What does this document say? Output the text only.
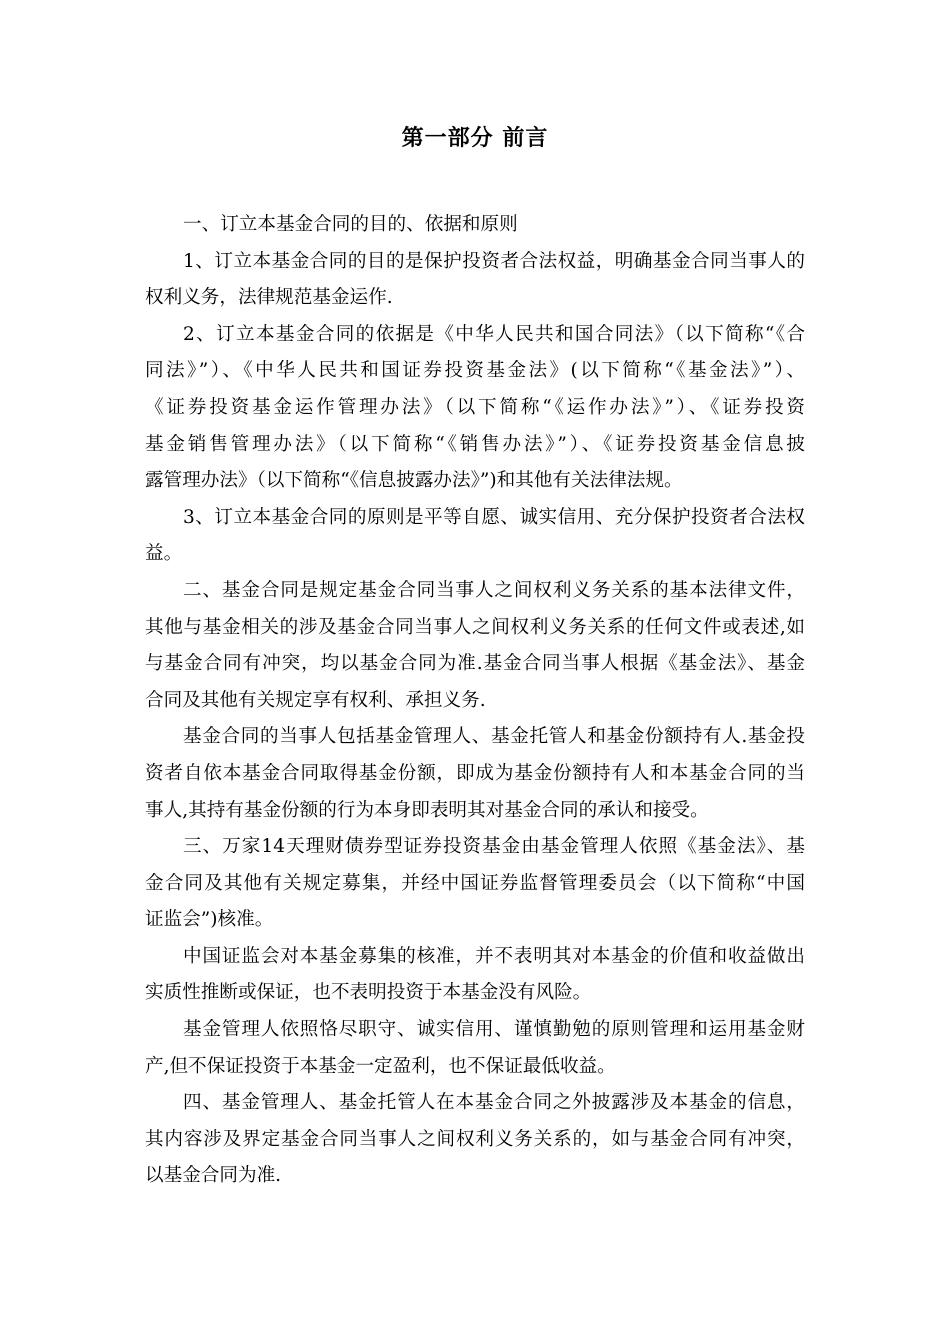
第一部分 前言
一、订立本基金合同的目的、依据和原则
1、订立本基金合同的目的是保护投资者合法权益，明确基金合同当事人的
权利义务，法律规范基金运作.
2、订立本基金合同的依据是《中华人民共和国合同法》（以下简称“《合
同法》”）、《中华人民共和国证券投资基金法》(以下简称“《基金法》”）、
《证券投资基金运作管理办法》（以下简称“《运作办法》”）、《证券投资
基金销售管理办法》（以下简称“《销售办法》”）、《证券投资基金信息披
露管理办法》（以下简称“《信息披露办法》”)和其他有关法律法规。
3、订立本基金合同的原则是平等自愿、诚实信用、充分保护投资者合法权
益。
二、基金合同是规定基金合同当事人之间权利义务关系的基本法律文件，
其他与基金相关的涉及基金合同当事人之间权利义务关系的任何文件或表述,如
与基金合同有冲突，均以基金合同为准.基金合同当事人根据《基金法》、基金
合同及其他有关规定享有权利、承担义务.
基金合同的当事人包括基金管理人、基金托管人和基金份额持有人.基金投
资者自依本基金合同取得基金份额，即成为基金份额持有人和本基金合同的当
事人,其持有基金份额的行为本身即表明其对基金合同的承认和接受。
三、万家14天理财债券型证券投资基金由基金管理人依照《基金法》、基
金合同及其他有关规定募集，并经中国证券监督管理委员会（以下简称“中国
证监会”)核准。
中国证监会对本基金募集的核准，并不表明其对本基金的价值和收益做出
实质性推断或保证，也不表明投资于本基金没有风险。
基金管理人依照恪尽职守、诚实信用、谨慎勤勉的原则管理和运用基金财
产,但不保证投资于本基金一定盈利，也不保证最低收益。
四、基金管理人、基金托管人在本基金合同之外披露涉及本基金的信息，
其内容涉及界定基金合同当事人之间权利义务关系的，如与基金合同有冲突，
以基金合同为准.
